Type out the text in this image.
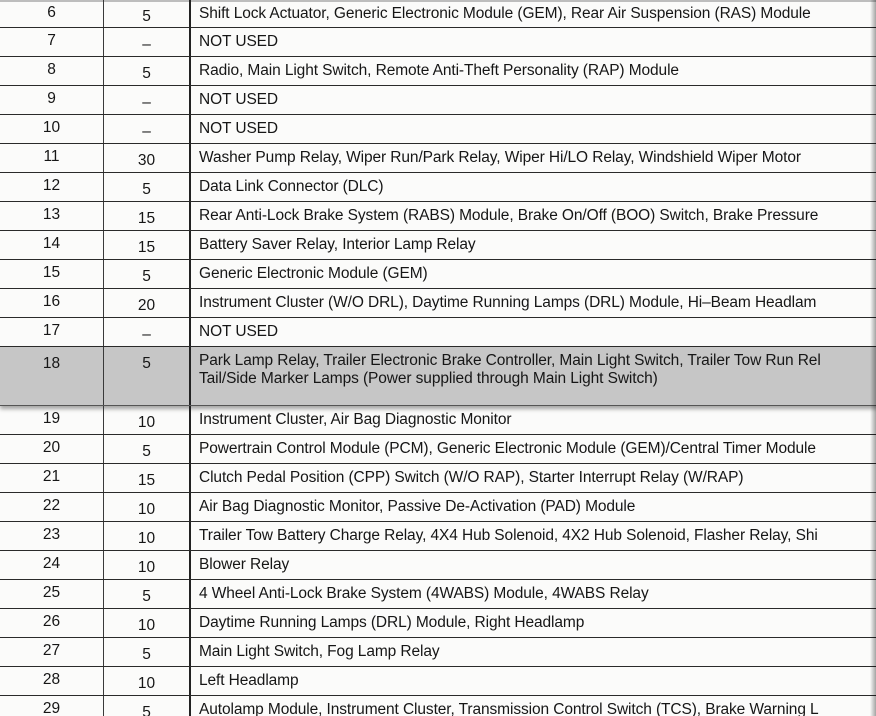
6	5	Shift Lock Actuator, Generic Electronic Module (GEM), Rear Air Suspension (RAS) Module
7	–	NOT USED
8	5	Radio, Main Light Switch, Remote Anti-Theft Personality (RAP) Module
9	–	NOT USED
10	–	NOT USED
11	30	Washer Pump Relay, Wiper Run/Park Relay, Wiper Hi/LO Relay, Windshield Wiper Motor
12	5	Data Link Connector (DLC)
13	15	Rear Anti-Lock Brake System (RABS) Module, Brake On/Off (BOO) Switch, Brake Pressure
14	15	Battery Saver Relay, Interior Lamp Relay
15	5	Generic Electronic Module (GEM)
16	20	Instrument Cluster (W/O DRL), Daytime Running Lamps (DRL) Module, Hi–Beam Headlam
17	–	NOT USED
18	5	Park Lamp Relay, Trailer Electronic Brake Controller, Main Light Switch, Trailer Tow Run Rel
Tail/Side Marker Lamps (Power supplied through Main Light Switch)
19	10	Instrument Cluster, Air Bag Diagnostic Monitor
20	5	Powertrain Control Module (PCM), Generic Electronic Module (GEM)/Central Timer Module
21	15	Clutch Pedal Position (CPP) Switch (W/O RAP), Starter Interrupt Relay (W/RAP)
22	10	Air Bag Diagnostic Monitor, Passive De-Activation (PAD) Module
23	10	Trailer Tow Battery Charge Relay, 4X4 Hub Solenoid, 4X2 Hub Solenoid, Flasher Relay, Shi
24	10	Blower Relay
25	5	4 Wheel Anti-Lock Brake System (4WABS) Module, 4WABS Relay
26	10	Daytime Running Lamps (DRL) Module, Right Headlamp
27	5	Main Light Switch, Fog Lamp Relay
28	10	Left Headlamp
29	5	Autolamp Module, Instrument Cluster, Transmission Control Switch (TCS), Brake Warning L
